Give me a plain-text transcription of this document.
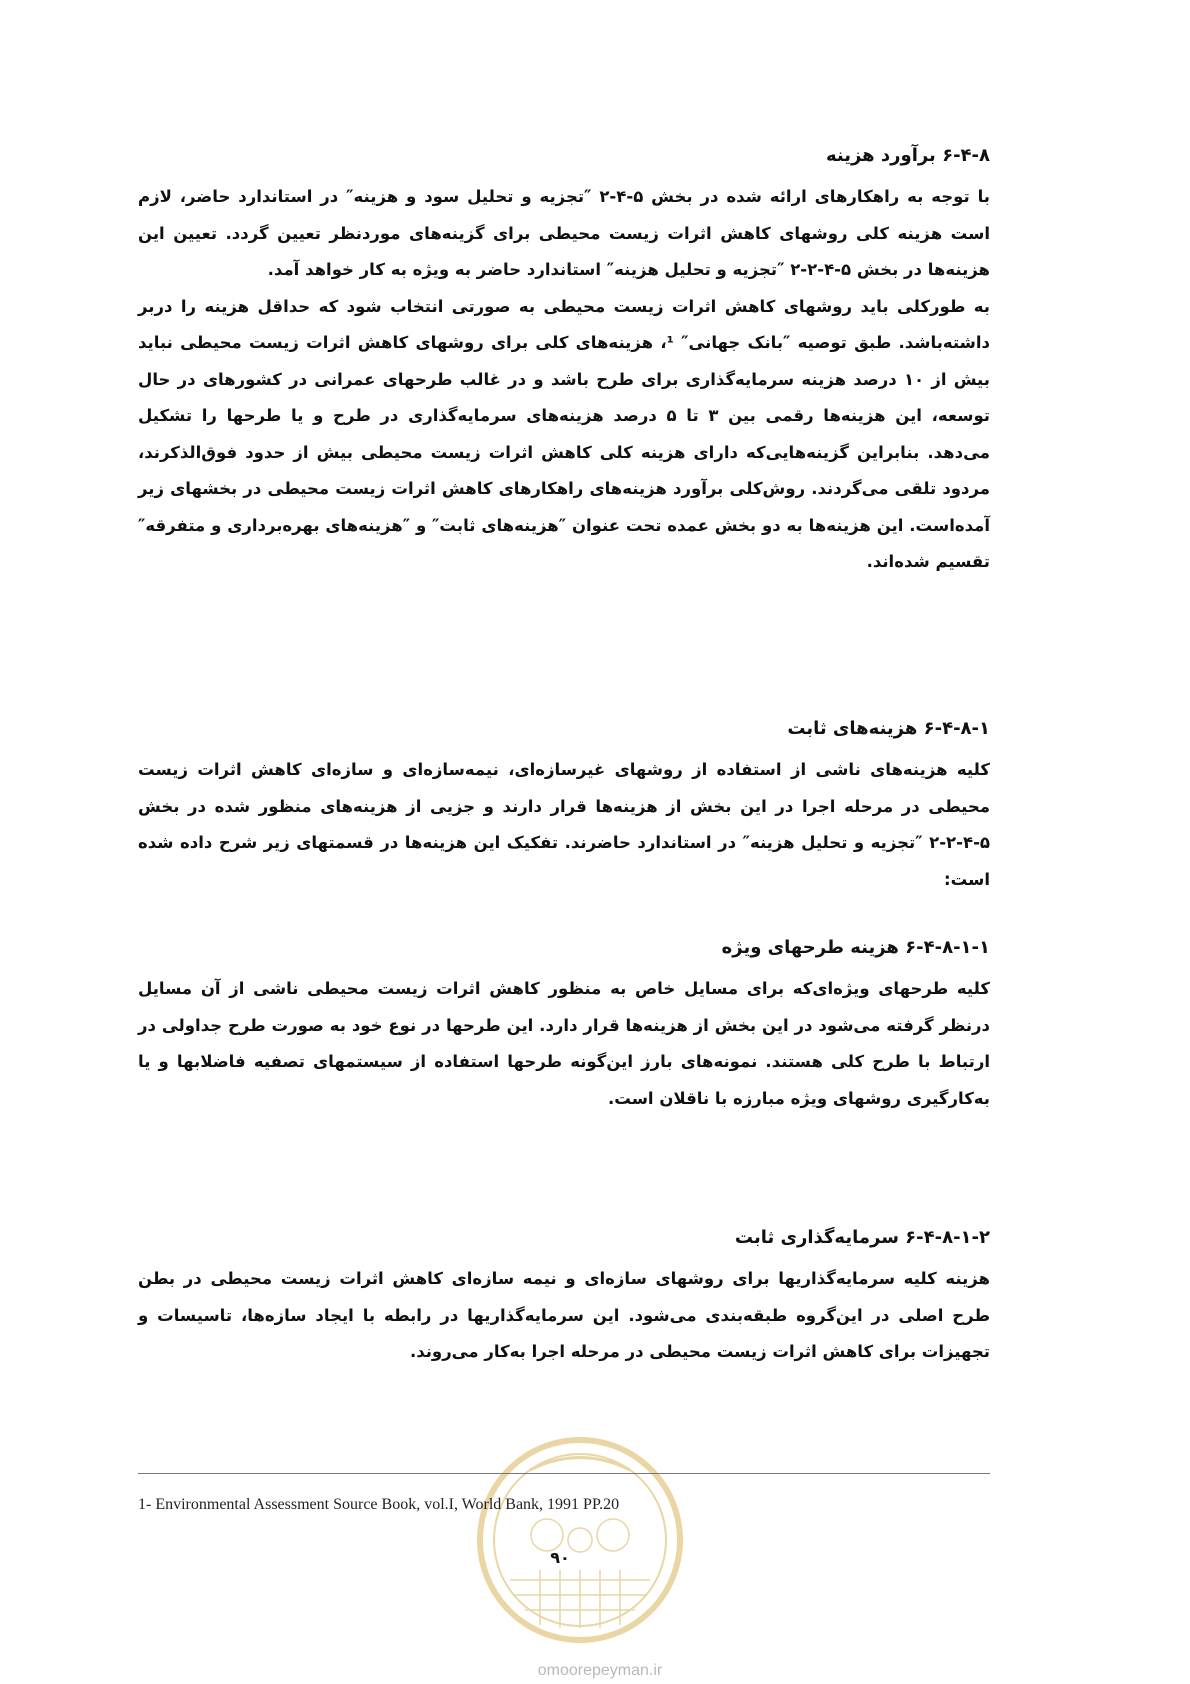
۶-۴-۸ برآورد هزینه

با توجه به راهکارهای ارائه شده در بخش ۵-۴-۲ ″تجزیه و تحلیل سود و هزینه″ در استاندارد حاضر، لازم است هزینه کلی روشهای کاهش اثرات زیست محیطی برای گزینه‌های موردنظر تعیین گردد. تعیین این هزینه‌ها در بخش ۵-۴-۲-۲ ″تجزیه و تحلیل هزینه″ استاندارد حاضر به ویژه به کار خواهد آمد.

به طورکلی باید روشهای کاهش اثرات زیست محیطی به صورتی انتخاب شود که حداقل هزینه را دربر داشته‌باشد. طبق توصیه ″بانک جهانی″ ¹، هزینه‌های کلی برای روشهای کاهش اثرات زیست محیطی نباید بیش از ۱۰ درصد هزینه سرمایه‌گذاری برای طرح باشد و در غالب طرحهای عمرانی در کشورهای در حال توسعه، این هزینه‌ها رقمی بین ۳ تا ۵ درصد هزینه‌های سرمایه‌گذاری در طرح و یا طرحها را تشکیل می‌دهد. بنابراین گزینه‌هایی‌که دارای هزینه کلی کاهش اثرات زیست محیطی بیش از حدود فوق‌الذکرند، مردود تلقی می‌گردند. روش‌کلی برآورد هزینه‌های راهکارهای کاهش اثرات زیست محیطی در بخشهای زیر آمده‌است. این هزینه‌ها به دو بخش عمده تحت عنوان ″هزینه‌های ثابت″ و ″هزینه‌های بهره‌برداری و متفرقه″ تقسیم شده‌اند.

۶-۴-۸-۱ هزینه‌های ثابت

کلیه هزینه‌های ناشی از استفاده از روشهای غیرسازه‌ای، نیمه‌سازه‌ای و سازه‌ای کاهش اثرات زیست محیطی در مرحله اجرا در این بخش از هزینه‌ها قرار دارند و جزیی از هزینه‌های منظور شده در بخش ۵-۴-۲-۲ ″تجزیه و تحلیل هزینه″ در استاندارد حاضرند. تفکیک این هزینه‌ها در قسمتهای زیر شرح داده شده است:

۶-۴-۸-۱-۱ هزینه طرحهای ویژه

کلیه طرحهای ویژه‌ای‌که برای مسایل خاص به منظور کاهش اثرات زیست محیطی ناشی از آن مسایل درنظر گرفته می‌شود در این بخش از هزینه‌ها قرار دارد. این طرحها در نوع خود به صورت طرح جداولی در ارتباط با طرح کلی هستند. نمونه‌های بارز این‌گونه طرحها استفاده از سیستمهای تصفیه فاضلابها و یا به‌کارگیری روشهای ویژه مبارزه با ناقلان است.

۶-۴-۸-۱-۲ سرمایه‌گذاری ثابت

هزینه کلیه سرمایه‌گذاریها برای روشهای سازه‌ای و نیمه سازه‌ای کاهش اثرات زیست محیطی در بطن طرح اصلی در این‌گروه طبقه‌بندی می‌شود. این سرمایه‌گذاریها در رابطه با ایجاد سازه‌ها، تاسیسات و تجهیزات برای کاهش اثرات زیست محیطی در مرحله اجرا به‌کار می‌روند.

1- Environmental Assessment Source Book, vol.I, World Bank, 1991 PP.20
۹۰
omoorepeyman.ir
